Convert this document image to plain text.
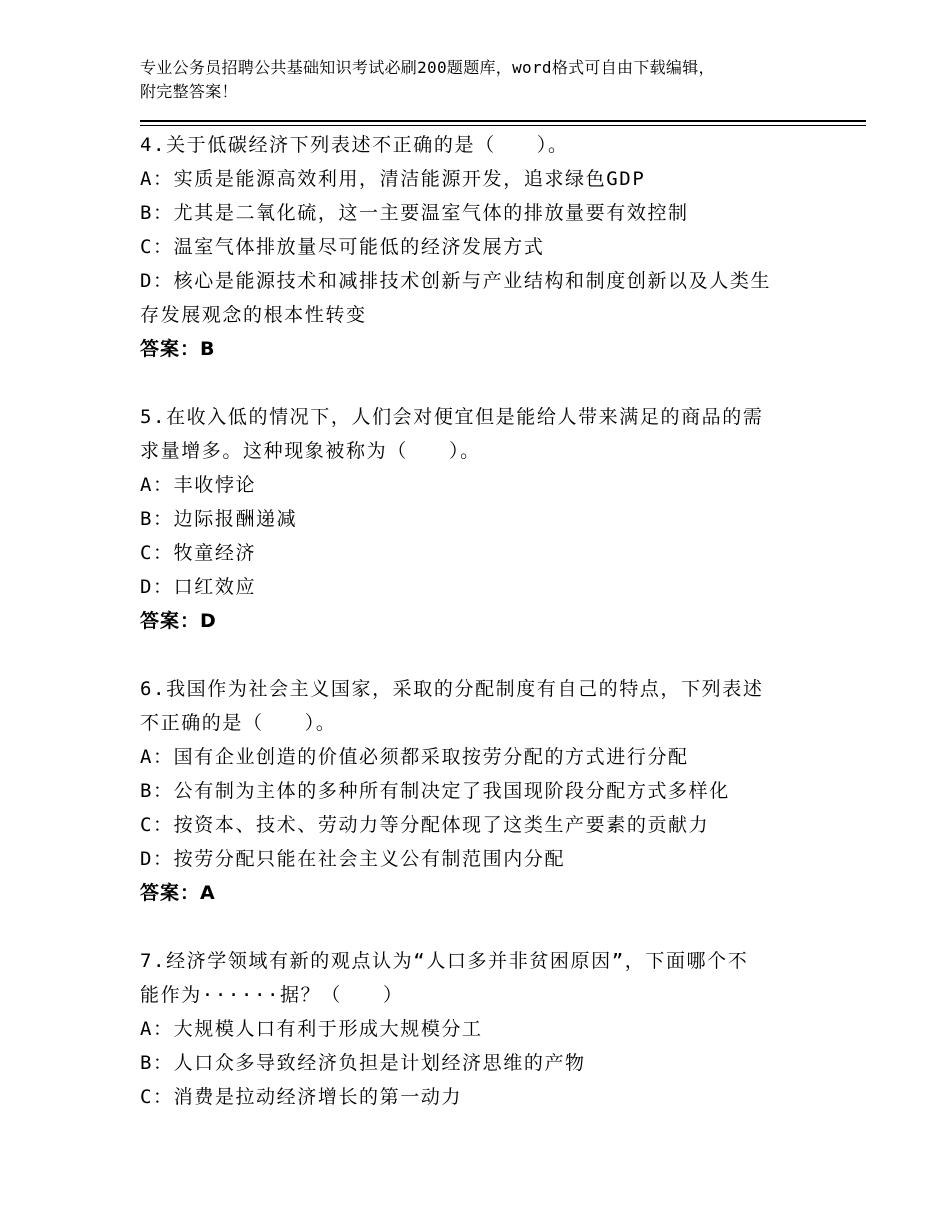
专业公务员招聘公共基础知识考试必刷200题题库，word格式可自由下载编辑，
附完整答案！
4.关于低碳经济下列表述不正确的是（　　）。
A：实质是能源高效利用，清洁能源开发，追求绿色GDP
B：尤其是二氧化硫，这一主要温室气体的排放量要有效控制
C：温室气体排放量尽可能低的经济发展方式
D：核心是能源技术和减排技术创新与产业结构和制度创新以及人类生
存发展观念的根本性转变
答案：B
5.在收入低的情况下，人们会对便宜但是能给人带来满足的商品的需
求量增多。这种现象被称为（　　）。
A：丰收悖论
B：边际报酬递减
C：牧童经济
D：口红效应
答案：D
6.我国作为社会主义国家，采取的分配制度有自己的特点，下列表述
不正确的是（　　）。
A：国有企业创造的价值必须都采取按劳分配的方式进行分配
B：公有制为主体的多种所有制决定了我国现阶段分配方式多样化
C：按资本、技术、劳动力等分配体现了这类生产要素的贡献力
D：按劳分配只能在社会主义公有制范围内分配
答案：A
7.经济学领域有新的观点认为“人口多并非贫困原因”，下面哪个不
能作为······据？（　　）
A：大规模人口有利于形成大规模分工
B：人口众多导致经济负担是计划经济思维的产物
C：消费是拉动经济增长的第一动力
